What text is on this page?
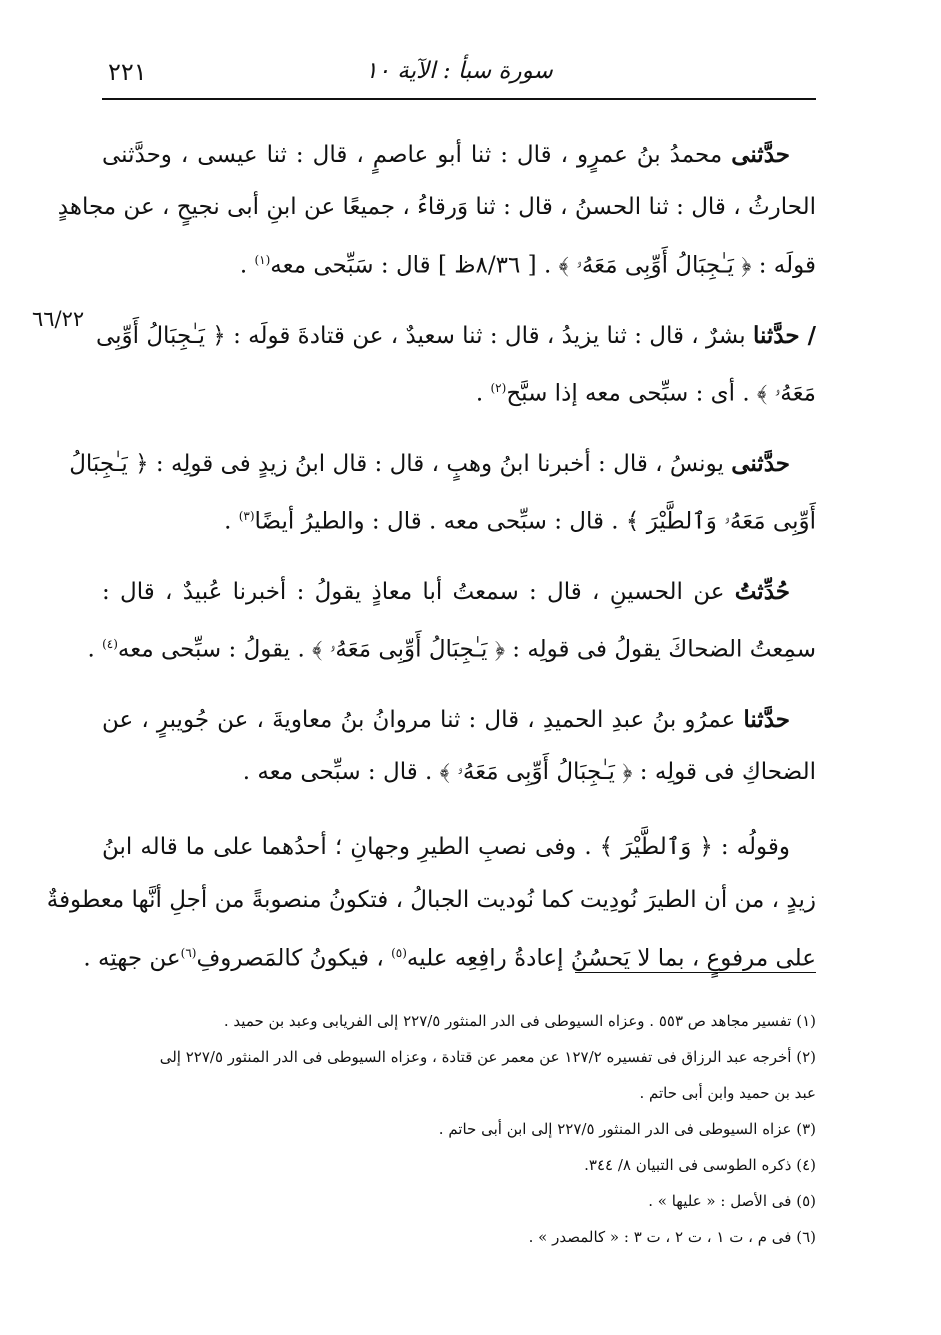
٢٢١	سورة سبأ : الآية ١٠
٦٦/٢٢
حدَّثنى محمدُ بنُ عمرٍو ، قال : ثنا أبو عاصمٍ ، قال : ثنا عيسى ، وحدَّثنى
الحارثُ ، قال : ثنا الحسنُ ، قال : ثنا وَرقاءُ ، جميعًا عن ابنِ أبى نجيحٍ ، عن مجاهدٍ
قولَه : ﴿ يَـٰجِبَالُ أَوِّبِى مَعَهُۥ ﴾ . [ ٨/٣٦ظ ] قال : سَبِّحى معه$^{(١)}$ .
/ حدَّثنا بشرٌ ، قال : ثنا يزيدُ ، قال : ثنا سعيدٌ ، عن قتادةَ قولَه : ﴿ يَـٰجِبَالُ أَوِّبِى
مَعَهُۥ ﴾ . أى : سبِّحى معه إذا سبَّح$^{(٢)}$ .
حدَّثنى يونسُ ، قال : أخبرنا ابنُ وهبٍ ، قال : قال ابنُ زيدٍ فى قولِه : ﴿ يَـٰجِبَالُ
أَوِّبِى مَعَهُۥ وَٱلطَّيْرَ ﴾ . قال : سبِّحى معه . قال : والطيرُ أيضًا$^{(٣)}$ .
حُدِّثتُ عن الحسينِ ، قال : سمعتُ أبا معاذٍ يقولُ : أخبرنا عُبيدٌ ، قال :
سمِعتُ الضحاكَ يقولُ فى قولِه : ﴿ يَـٰجِبَالُ أَوِّبِى مَعَهُۥ ﴾ . يقولُ : سبِّحى معه$^{(٤)}$ .
حدَّثنا عمرُو بنُ عبدِ الحميدِ ، قال : ثنا مروانُ بنُ معاويةَ ، عن جُويبرٍ ، عن
الضحاكِ فى قولِه : ﴿ يَـٰجِبَالُ أَوِّبِى مَعَهُۥ ﴾ . قال : سبِّحى معه .
وقولُه : ﴿ وَٱلطَّيْرَ ﴾ . وفى نصبِ الطيرِ وجهانِ ؛ أحدُهما على ما قاله ابنُ
زيدٍ ، من أن الطيرَ نُودِيت كما نُوديت الجبالُ ، فتكونُ منصوبةً من أجلِ أنَّها معطوفةٌ
على مرفوعٍ ، بما لا يَحسُنُ إعادةُ رافِعِه عليه$^{(٥)}$ ، فيكونُ كالمَصروفِ$^{(٦)}$عن جهتِه .
(١) تفسير مجاهد ص ٥٥٣ . وعزاه السيوطى فى الدر المنثور ٢٢٧/٥ إلى الفريابى وعبد بن حميد .
(٢) أخرجه عبد الرزاق فى تفسيره ١٢٧/٢ عن معمر عن قتادة ، وعزاه السيوطى فى الدر المنثور ٢٢٧/٥ إلى
عبد بن حميد وابن أبى حاتم .
(٣) عزاه السيوطى فى الدر المنثور ٢٢٧/٥ إلى ابن أبى حاتم .
(٤) ذكره الطوسى فى التبيان ٨/ ٣٤٤.
(٥) فى الأصل : « عليها » .
(٦) فى م ، ت ١ ، ت ٢ ، ت ٣ : « كالمصدر » .
